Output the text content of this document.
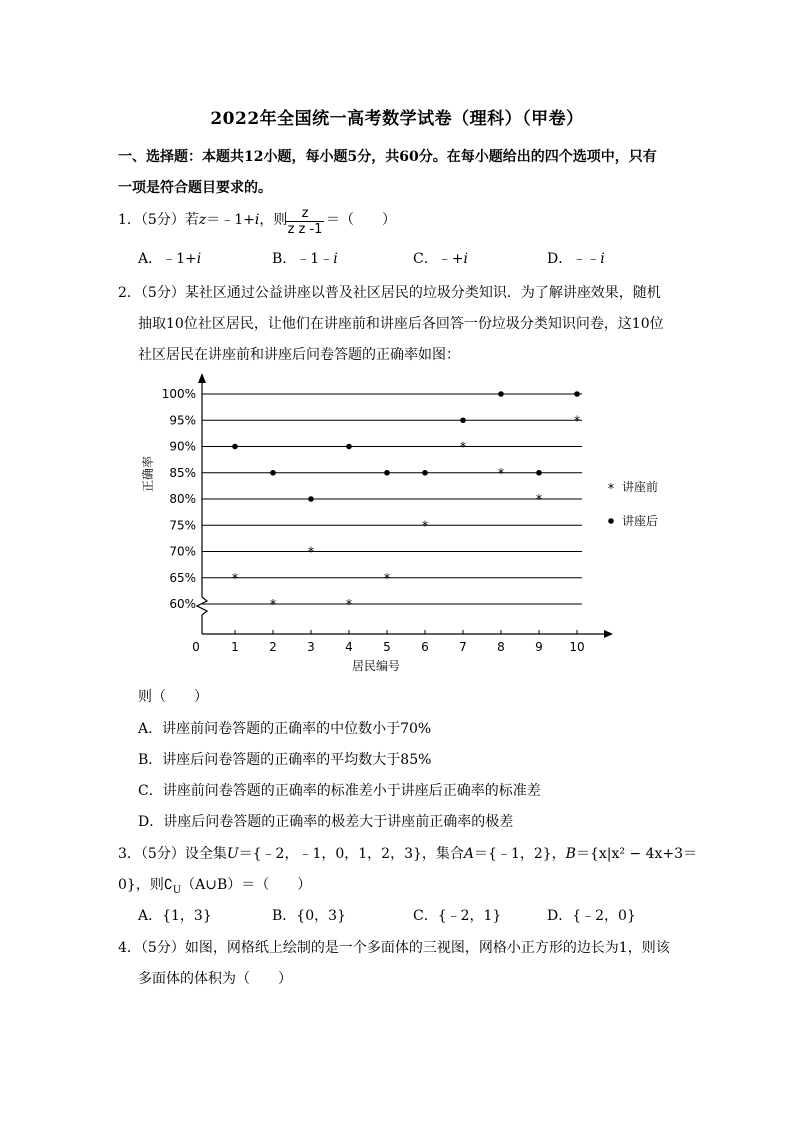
2022年全国统一高考数学试卷（理科）（甲卷）
一、选择题：本题共12小题，每小题5分，共60分。在每小题给出的四个选项中，只有
一项是符合题目要求的。
1．（5分）若z＝﹣1+i，则
$\frac{z}{\text{z z -1}}$ ＝（　　）
A．﹣1+i	B．﹣1﹣i	C．﹣+i	D．﹣﹣i
2．（5分）某社区通过公益讲座以普及社区居民的垃圾分类知识．为了解讲座效果，随机
抽取10位社区居民，让他们在讲座前和讲座后各回答一份垃圾分类知识问卷，这10位
社区居民在讲座前和讲座后问卷答题的正确率如图：
60%
65%
70%
75%
80%
85%
90%
95%
100%
1	2	3	4	5	6	7	8	9 10
0
居民编号
正确率
*
*
*
*
*
*
*
*
*
*
* 讲座前
讲座后
则（　　）
A．讲座前问卷答题的正确率的中位数小于70%
B．讲座后问卷答题的正确率的平均数大于85%
C．讲座前问卷答题的正确率的标准差小于讲座后正确率的标准差
D．讲座后问卷答题的正确率的极差大于讲座前正确率的极差
3．（5分）设全集U＝{﹣2，﹣1，0，1，2，3}，集合A＝{﹣1，2}，B＝{x|x² − 4x+3＝
0}，则$∁_U(A\cup B)=$（　　）
A．{1，3}	B．{0，3}	C．{﹣2，1}	D．{﹣2，0}
4．（5分）如图，网格纸上绘制的是一个多面体的三视图，网格小正方形的边长为1，则该
多面体的体积为（　　）
